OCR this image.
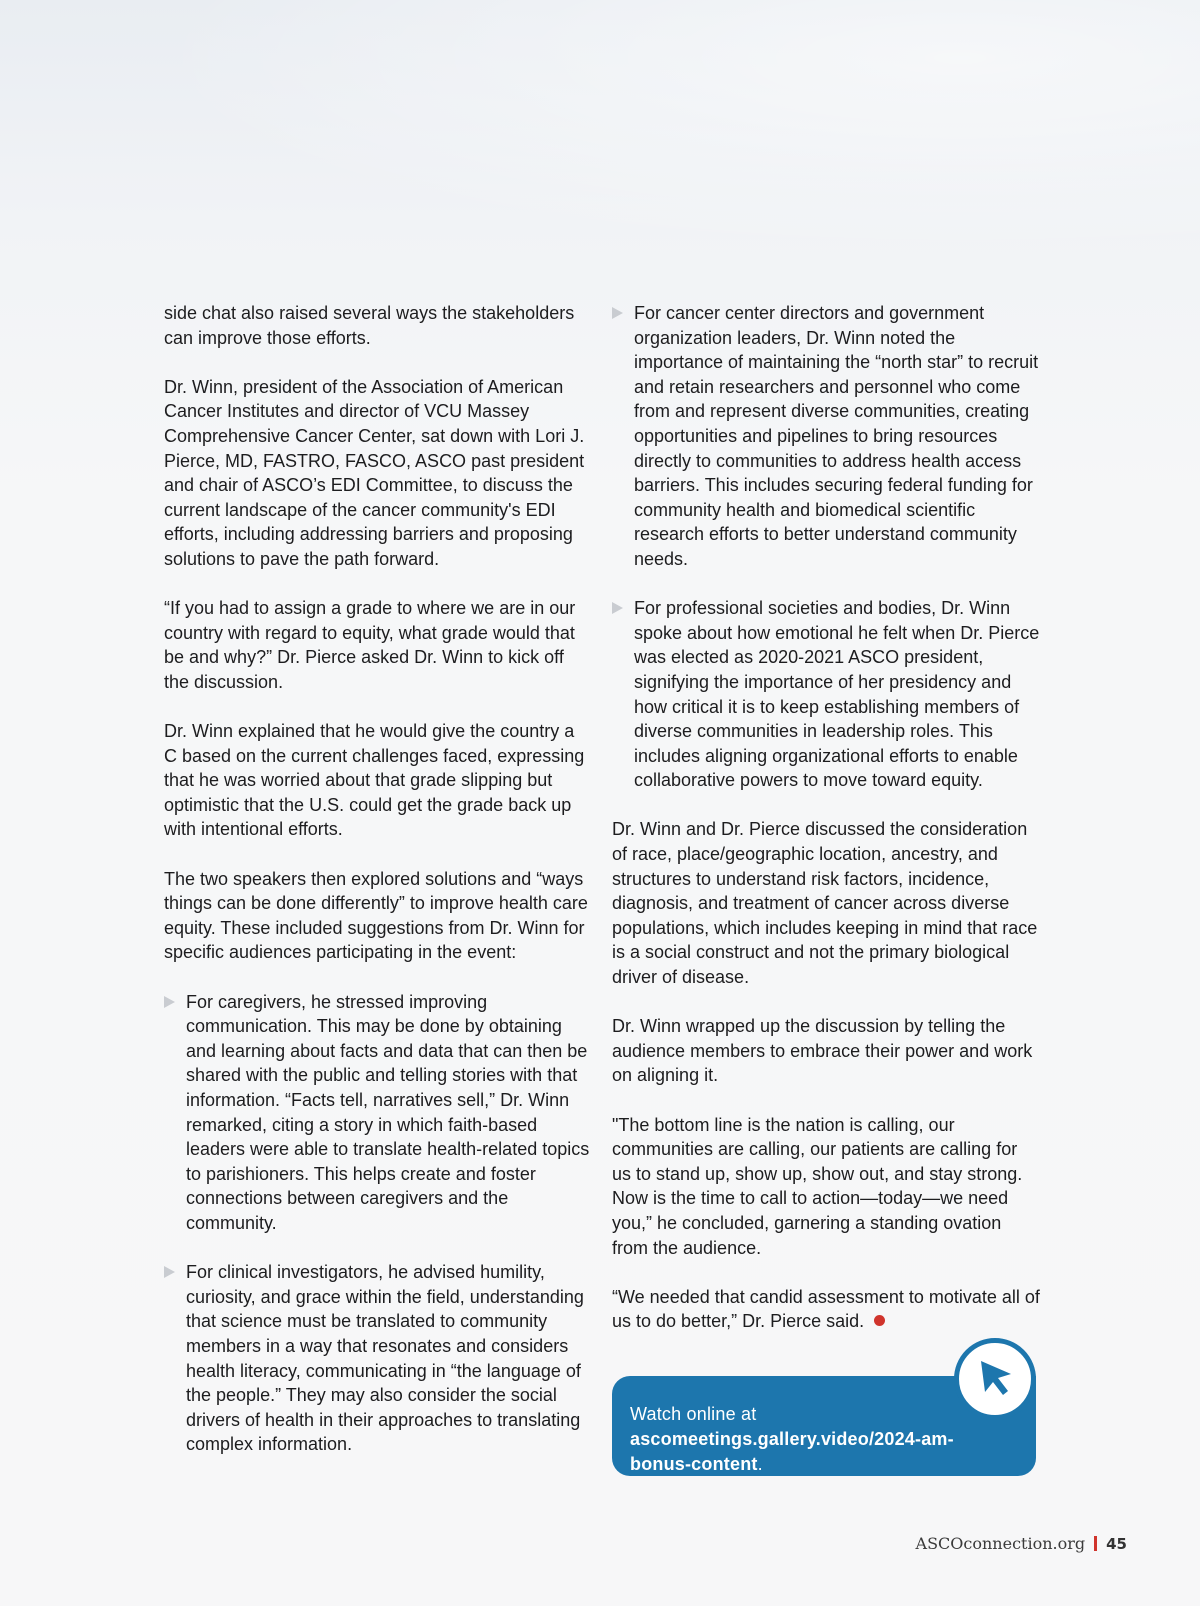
side chat also raised several ways the stakeholders can improve those efforts.

Dr. Winn, president of the Association of American Cancer Institutes and director of VCU Massey Comprehensive Cancer Center, sat down with Lori J. Pierce, MD, FASTRO, FASCO, ASCO past president and chair of ASCO’s EDI Committee, to discuss the current landscape of the cancer community's EDI efforts, including addressing barriers and proposing solutions to pave the path forward.

“If you had to assign a grade to where we are in our country with regard to equity, what grade would that be and why?” Dr. Pierce asked Dr. Winn to kick off the discussion.

Dr. Winn explained that he would give the country a C based on the current challenges faced, expressing that he was worried about that grade slipping but optimistic that the U.S. could get the grade back up with intentional efforts.

The two speakers then explored solutions and “ways things can be done differently” to improve health care equity. These included suggestions from Dr. Winn for specific audiences participating in the event:

For caregivers, he stressed improving communication. This may be done by obtaining and learning about facts and data that can then be shared with the public and telling stories with that information. “Facts tell, narratives sell,” Dr. Winn remarked, citing a story in which faith-based leaders were able to translate health-related topics to parishioners. This helps create and foster connections between caregivers and the community.
For clinical investigators, he advised humility, curiosity, and grace within the field, understanding that science must be translated to community members in a way that resonates and considers health literacy, communicating in “the language of the people.” They may also consider the social drivers of health in their approaches to translating complex information.
For cancer center directors and government organization leaders, Dr. Winn noted the importance of maintaining the “north star” to recruit and retain researchers and personnel who come from and represent diverse communities, creating opportunities and pipelines to bring resources directly to communities to address health access barriers. This includes securing federal funding for community health and biomedical scientific research efforts to better understand community needs.
For professional societies and bodies, Dr. Winn spoke about how emotional he felt when Dr. Pierce was elected as 2020-2021 ASCO president, signifying the importance of her presidency and how critical it is to keep establishing members of diverse communities in leadership roles. This includes aligning organizational efforts to enable collaborative powers to move toward equity.

Dr. Winn and Dr. Pierce discussed the consideration of race, place/geographic location, ancestry, and structures to understand risk factors, incidence, diagnosis, and treatment of cancer across diverse populations, which includes keeping in mind that race is a social construct and not the primary biological driver of disease.

Dr. Winn wrapped up the discussion by telling the audience members to embrace their power and work on aligning it.

"The bottom line is the nation is calling, our communities are calling, our patients are calling for us to stand up, show up, show out, and stay strong. Now is the time to call to action—today—we need you,” he concluded, garnering a standing ovation from the audience.

“We needed that candid assessment to motivate all of us to do better,” Dr. Pierce said.

Watch online at ascomeetings.gallery.video/2024-am-bonus-content.
ASCOconnection.org 45
